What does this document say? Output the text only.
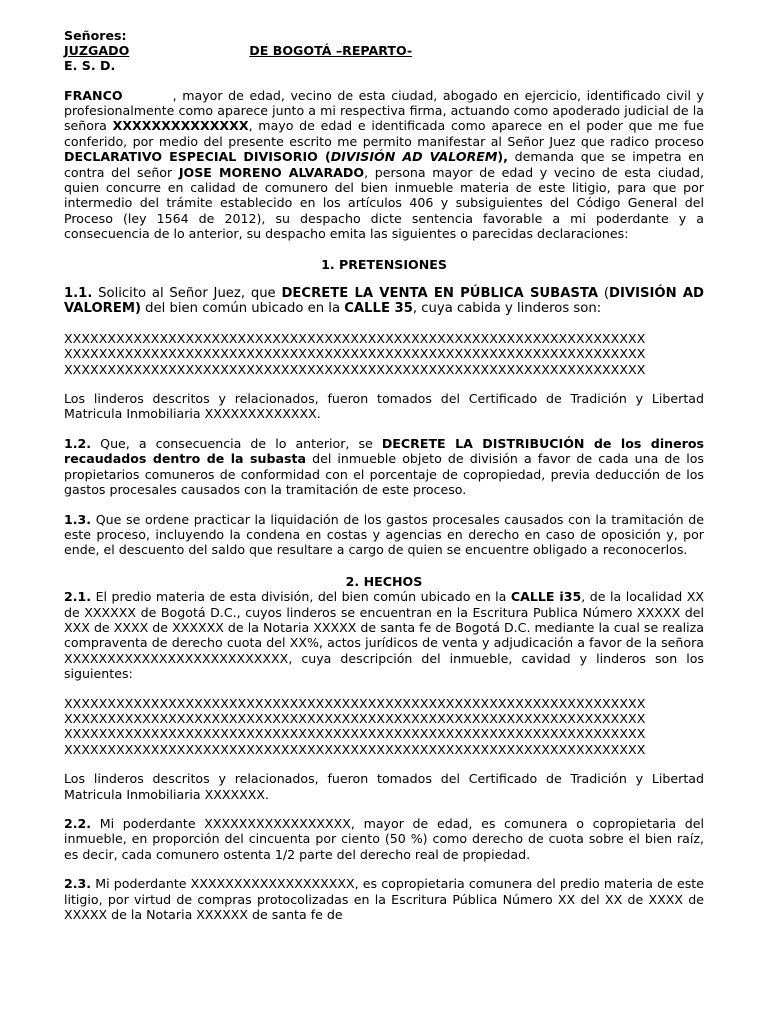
Señores:
JUZGADO	DE BOGOTÁ –REPARTO-
E. S. D.

FRANCO	, mayor de edad, vecino de esta ciudad, abogado en ejercicio, identificado civil y profesionalmente como aparece junto a mi respectiva firma, actuando como apoderado judicial de la señora XXXXXXXXXXXXXX, mayo de edad e identificada como aparece en el poder que me fue conferido, por medio del presente escrito me permito manifestar al Señor Juez que radico proceso DECLARATIVO ESPECIAL DIVISORIO (DIVISIÓN AD VALOREM), demanda que se impetra en contra del señor JOSE MORENO ALVARADO, persona mayor de edad y vecino de esta ciudad, quien concurre en calidad de comunero del bien inmueble materia de este litigio, para que por intermedio del trámite establecido en los artículos 406 y subsiguientes del Código General del Proceso (ley 1564 de 2012), su despacho dicte sentencia favorable a mi poderdante y a consecuencia de lo anterior, su despacho emita las siguientes o parecidas declaraciones:

1. PRETENSIONES

1.1. Solicito al Señor Juez, que DECRETE LA VENTA EN PÚBLICA SUBASTA (DIVISIÓN AD VALOREM) del bien común ubicado en la CALLE 35, cuya cabida y linderos son:

XXXXXXXXXXXXXXXXXXXXXXXXXXXXXXXXXXXXXXXXXXXXXXXXXXXXXXXXXXXXXXXXXXX
XXXXXXXXXXXXXXXXXXXXXXXXXXXXXXXXXXXXXXXXXXXXXXXXXXXXXXXXXXXXXXXXXXX
XXXXXXXXXXXXXXXXXXXXXXXXXXXXXXXXXXXXXXXXXXXXXXXXXXXXXXXXXXXXXXXXXXX

Los linderos descritos y relacionados, fueron tomados del Certificado de Tradición y Libertad Matricula Inmobiliaria XXXXXXXXXXXXX.

1.2. Que, a consecuencia de lo anterior, se DECRETE LA DISTRIBUCIÓN de los dineros recaudados dentro de la subasta del inmueble objeto de división a favor de cada una de los propietarios comuneros de conformidad con el porcentaje de copropiedad, previa deducción de los gastos procesales causados con la tramitación de este proceso.

1.3. Que se ordene practicar la liquidación de los gastos procesales causados con la tramitación de este proceso, incluyendo la condena en costas y agencias en derecho en caso de oposición y, por ende, el descuento del saldo que resultare a cargo de quien se encuentre obligado a reconocerlos.

2. HECHOS

2.1. El predio materia de esta división, del bien común ubicado en la CALLE i35, de la localidad XX de XXXXXX de Bogotá D.C., cuyos linderos se encuentran en la Escritura Publica Número XXXXX del XXX de XXXX de XXXXXX de la Notaria XXXXX de santa fe de Bogotá D.C. mediante la cual se realiza compraventa de derecho cuota del XX%, actos jurídicos de venta y adjudicación a favor de la señora XXXXXXXXXXXXXXXXXXXXXXXXXX, cuya descripción del inmueble, cavidad y linderos son los siguientes:

XXXXXXXXXXXXXXXXXXXXXXXXXXXXXXXXXXXXXXXXXXXXXXXXXXXXXXXXXXXXXXXXXXX
XXXXXXXXXXXXXXXXXXXXXXXXXXXXXXXXXXXXXXXXXXXXXXXXXXXXXXXXXXXXXXXXXXX
XXXXXXXXXXXXXXXXXXXXXXXXXXXXXXXXXXXXXXXXXXXXXXXXXXXXXXXXXXXXXXXXXXX
XXXXXXXXXXXXXXXXXXXXXXXXXXXXXXXXXXXXXXXXXXXXXXXXXXXXXXXXXXXXXXXXXXX

Los linderos descritos y relacionados, fueron tomados del Certificado de Tradición y Libertad Matricula Inmobiliaria XXXXXXX.

2.2. Mi poderdante XXXXXXXXXXXXXXXXX, mayor de edad, es comunera o copropietaria del inmueble, en proporción del cincuenta por ciento (50 %) como derecho de cuota sobre el bien raíz, es decir, cada comunero ostenta 1/2 parte del derecho real de propiedad.

2.3. Mi poderdante XXXXXXXXXXXXXXXXXXX, es copropietaria comunera del predio materia de este litigio, por virtud de compras protocolizadas en la Escritura Pública Número XX del XX de XXXX de XXXXX de la Notaria XXXXXX de santa fe de
